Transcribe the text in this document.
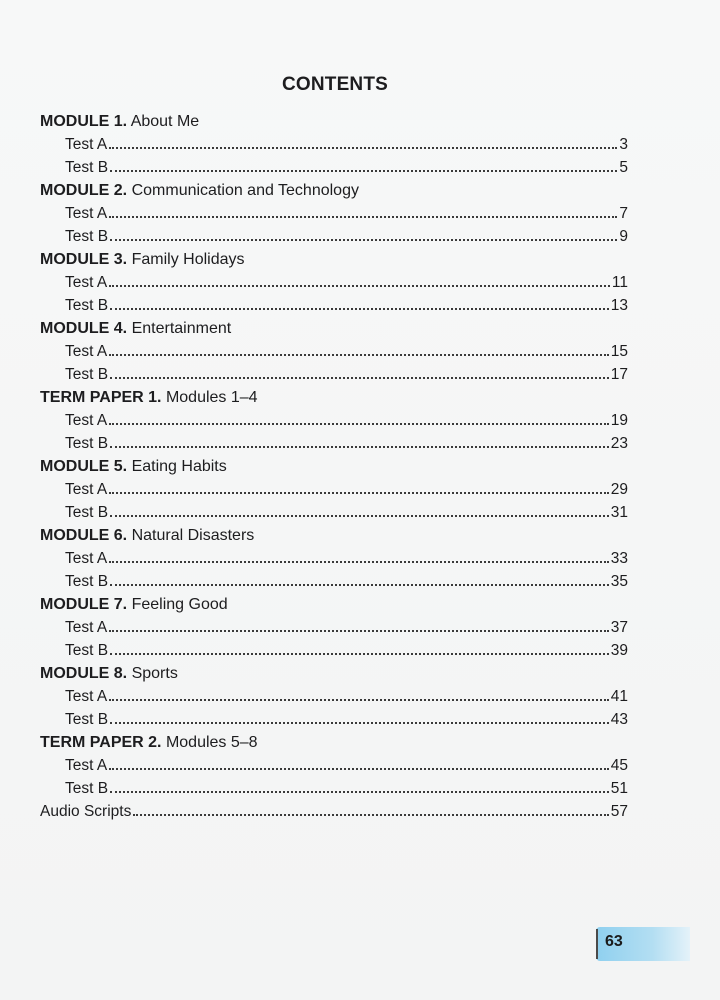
CONTENTS
MODULE 1. About Me
Test A	3
Test B	5
MODULE 2. Communication and Technology
Test A	7
Test B	9
MODULE 3. Family Holidays
Test A	11
Test B	13
MODULE 4. Entertainment
Test A	15
Test B	17
TERM PAPER 1. Modules 1–4
Test A	19
Test B	23
MODULE 5. Eating Habits
Test A	29
Test B	31
MODULE 6. Natural Disasters
Test A	33
Test B	35
MODULE 7. Feeling Good
Test A	37
Test B	39
MODULE 8. Sports
Test A	41
Test B	43
TERM PAPER 2. Modules 5–8
Test A	45
Test B	51
Audio Scripts	57
63
